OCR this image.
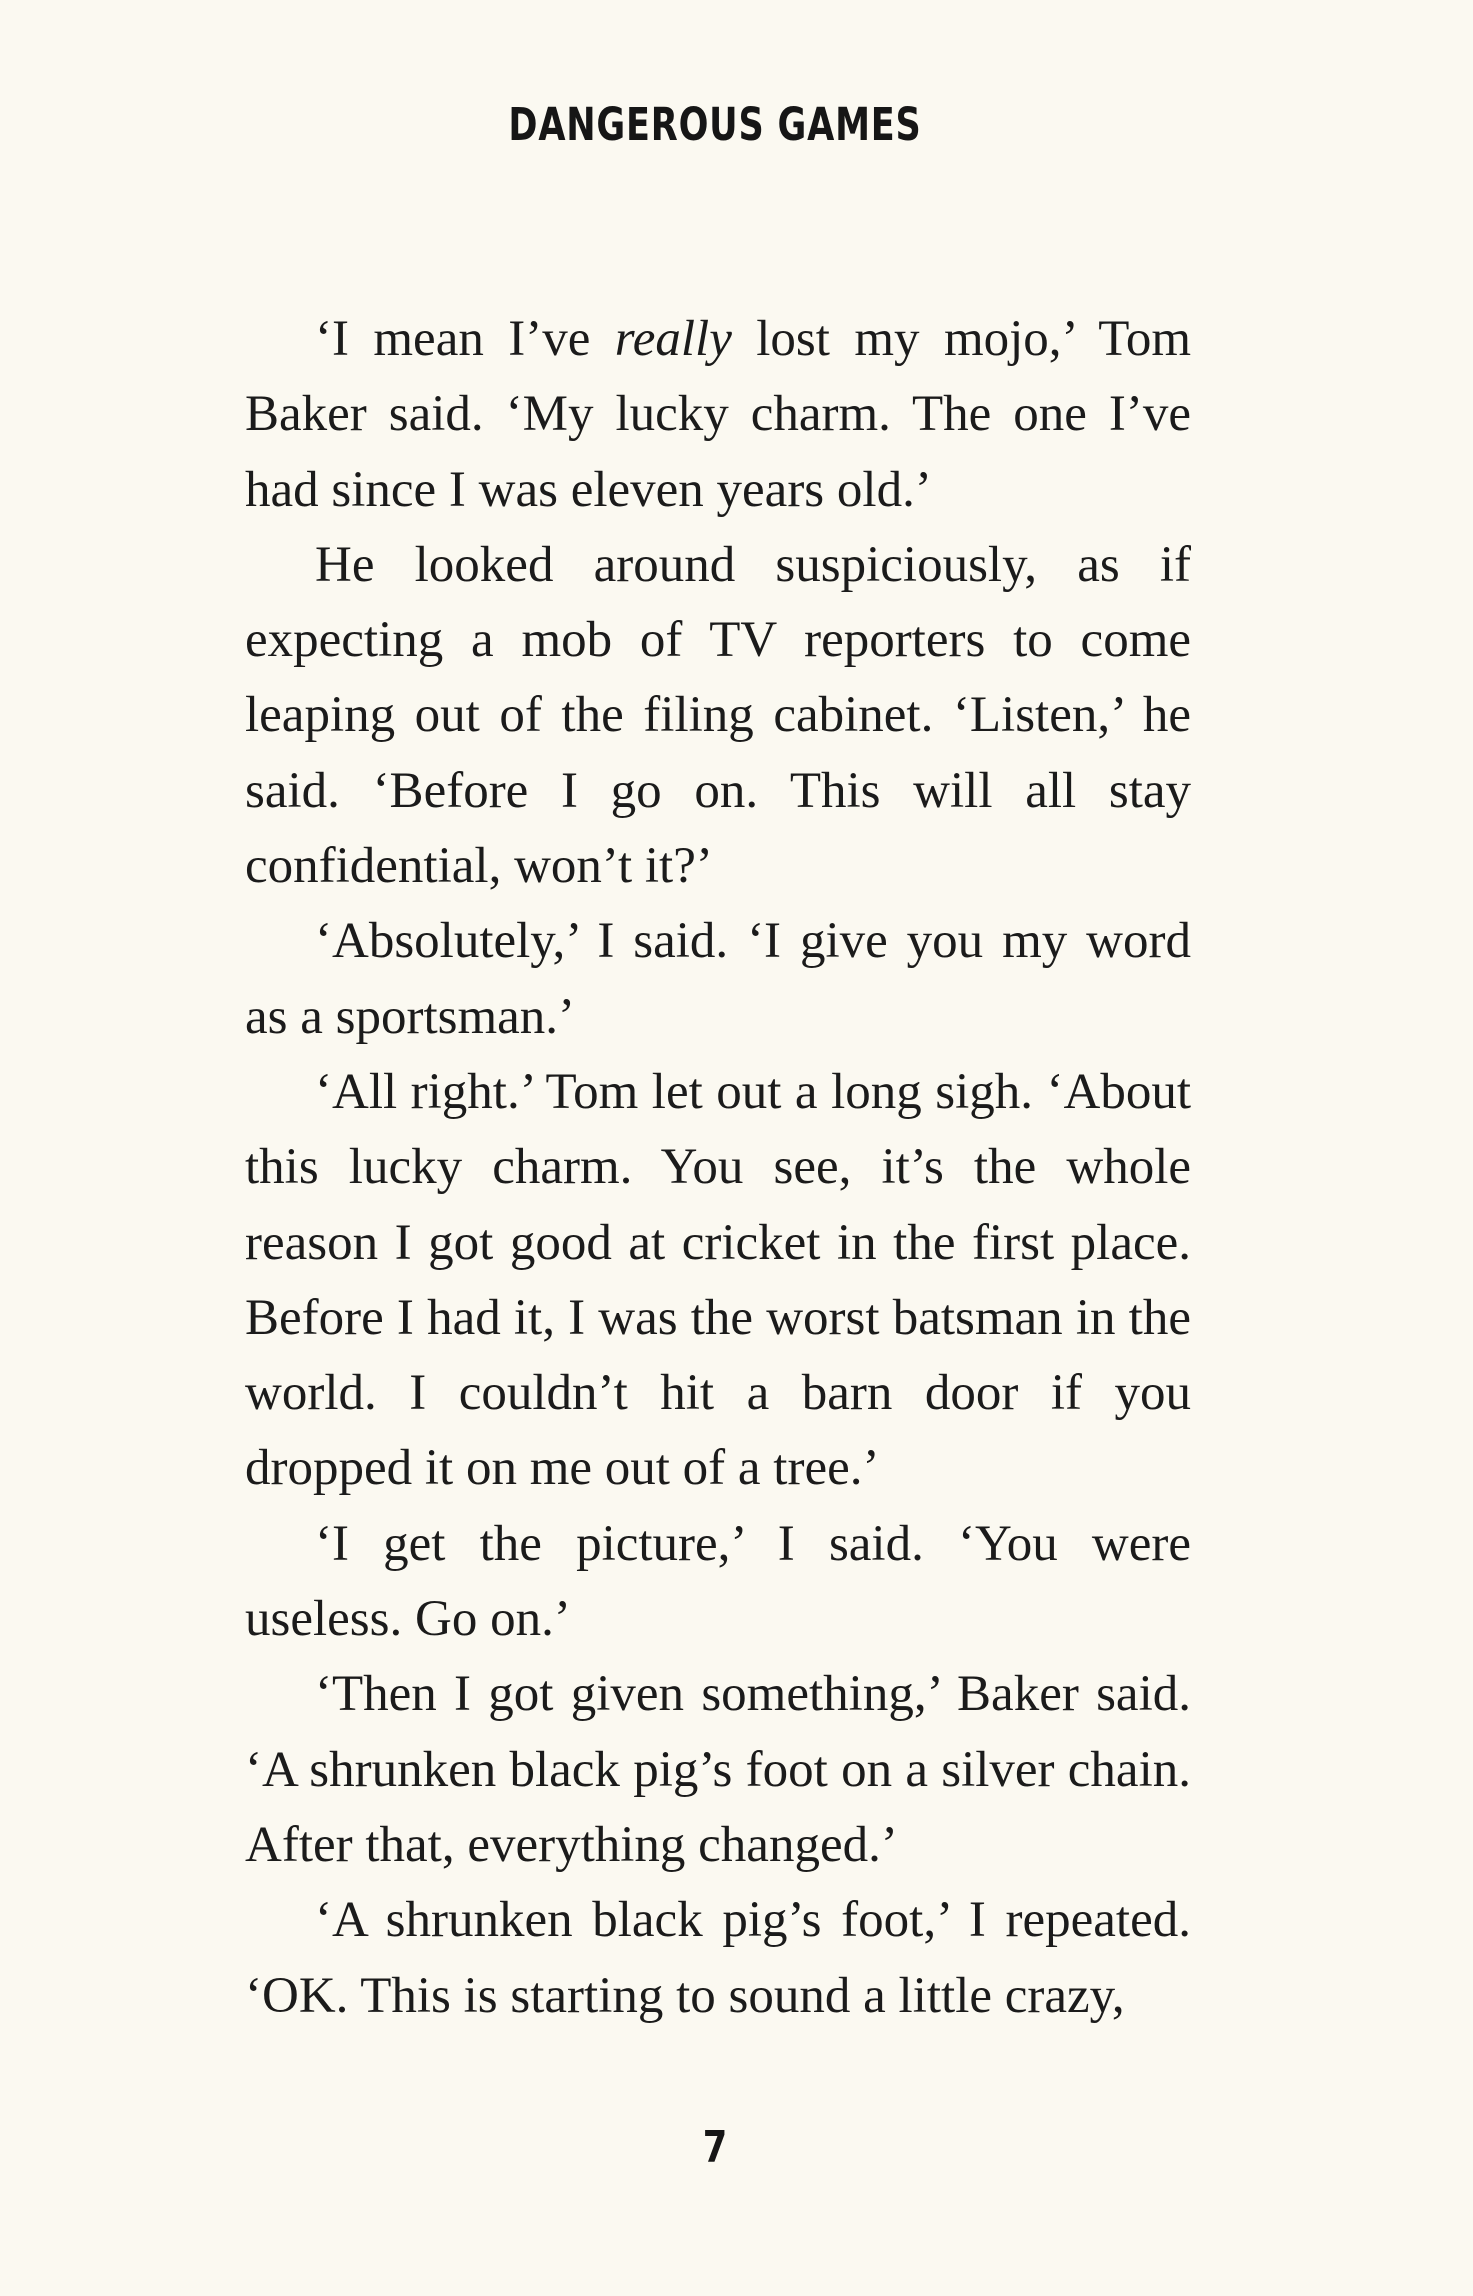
DANGEROUS GAMES

‘I mean I’ve really lost my mojo,’ Tom Baker said. ‘My lucky charm. The one I’ve had since I was eleven years old.’

He looked around suspiciously, as if expecting a mob of TV reporters to come leaping out of the filing cabinet. ‘Listen,’ he said. ‘Before I go on. This will all stay confidential, won’t it?’

‘Absolutely,’ I said. ‘I give you my word as a sportsman.’

‘All right.’ Tom let out a long sigh. ‘About this lucky charm. You see, it’s the whole reason I got good at cricket in the first place. Before I had it, I was the worst batsman in the world. I couldn’t hit a barn door if you dropped it on me out of a tree.’

‘I get the picture,’ I said. ‘You were useless. Go on.’

‘Then I got given something,’ Baker said. ‘A shrunken black pig’s foot on a silver chain. After that, everything changed.’

‘A shrunken black pig’s foot,’ I repeated. ‘OK. This is starting to sound a little crazy,

7
